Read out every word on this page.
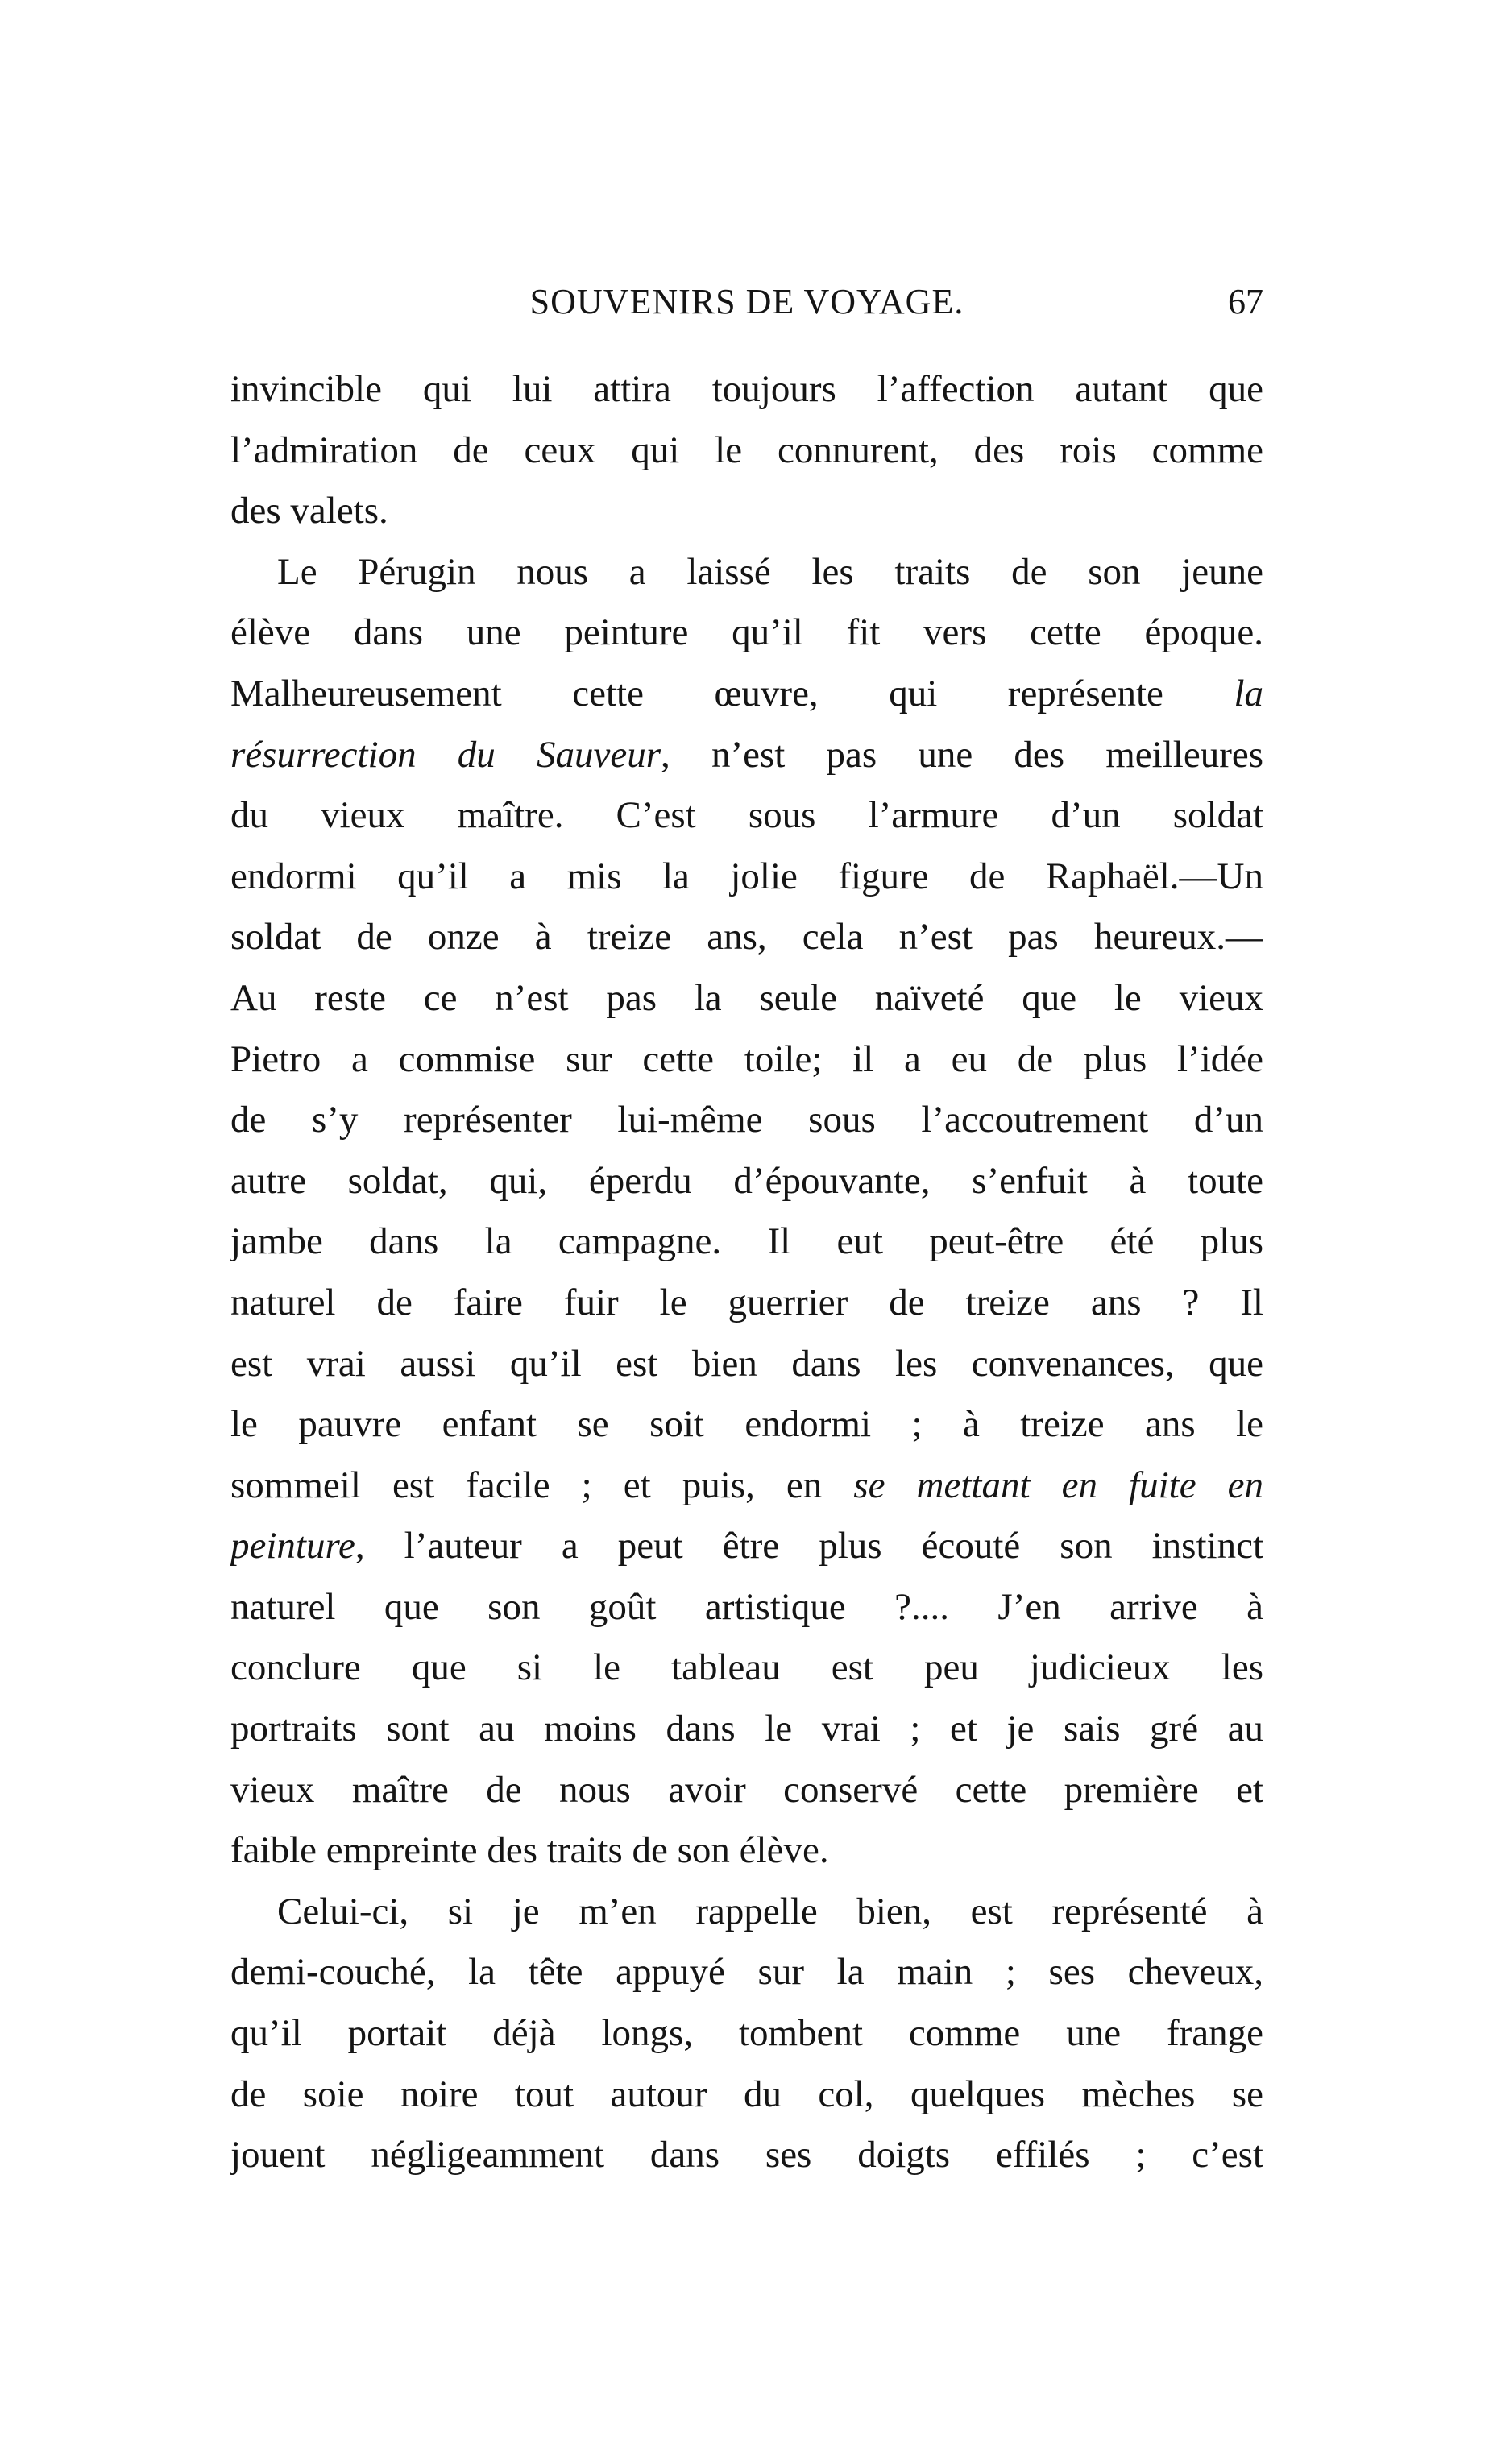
SOUVENIRS DE VOYAGE.	67
invincible qui lui attira toujours l’affection autant que
l’admiration de ceux qui le connurent, des rois comme
des valets.
Le Pérugin nous a laissé les traits de son jeune
élève dans une peinture qu’il fit vers cette époque.
Malheureusement cette œuvre, qui représente la
résurrection du Sauveur, n’est pas une des meilleures
du vieux maître. C’est sous l’armure d’un soldat
endormi qu’il a mis la jolie figure de Raphaël.—Un
soldat de onze à treize ans, cela n’est pas heureux.—
Au reste ce n’est pas la seule naïveté que le vieux
Pietro a commise sur cette toile; il a eu de plus l’idée
de s’y représenter lui-même sous l’accoutrement d’un
autre soldat, qui, éperdu d’épouvante, s’enfuit à toute
jambe dans la campagne. Il eut peut-être été plus
naturel de faire fuir le guerrier de treize ans ? Il
est vrai aussi qu’il est bien dans les convenances, que
le pauvre enfant se soit endormi ; à treize ans le
sommeil est facile ; et puis, en se mettant en fuite en
peinture, l’auteur a peut être plus écouté son instinct
naturel que son goût artistique ?.... J’en arrive à
conclure que si le tableau est peu judicieux les
portraits sont au moins dans le vrai ; et je sais gré au
vieux maître de nous avoir conservé cette première et
faible empreinte des traits de son élève.
Celui-ci, si je m’en rappelle bien, est représenté à
demi-couché, la tête appuyé sur la main ; ses cheveux,
qu’il portait déjà longs, tombent comme une frange
de soie noire tout autour du col, quelques mèches se
jouent négligeamment dans ses doigts effilés ; c’est
